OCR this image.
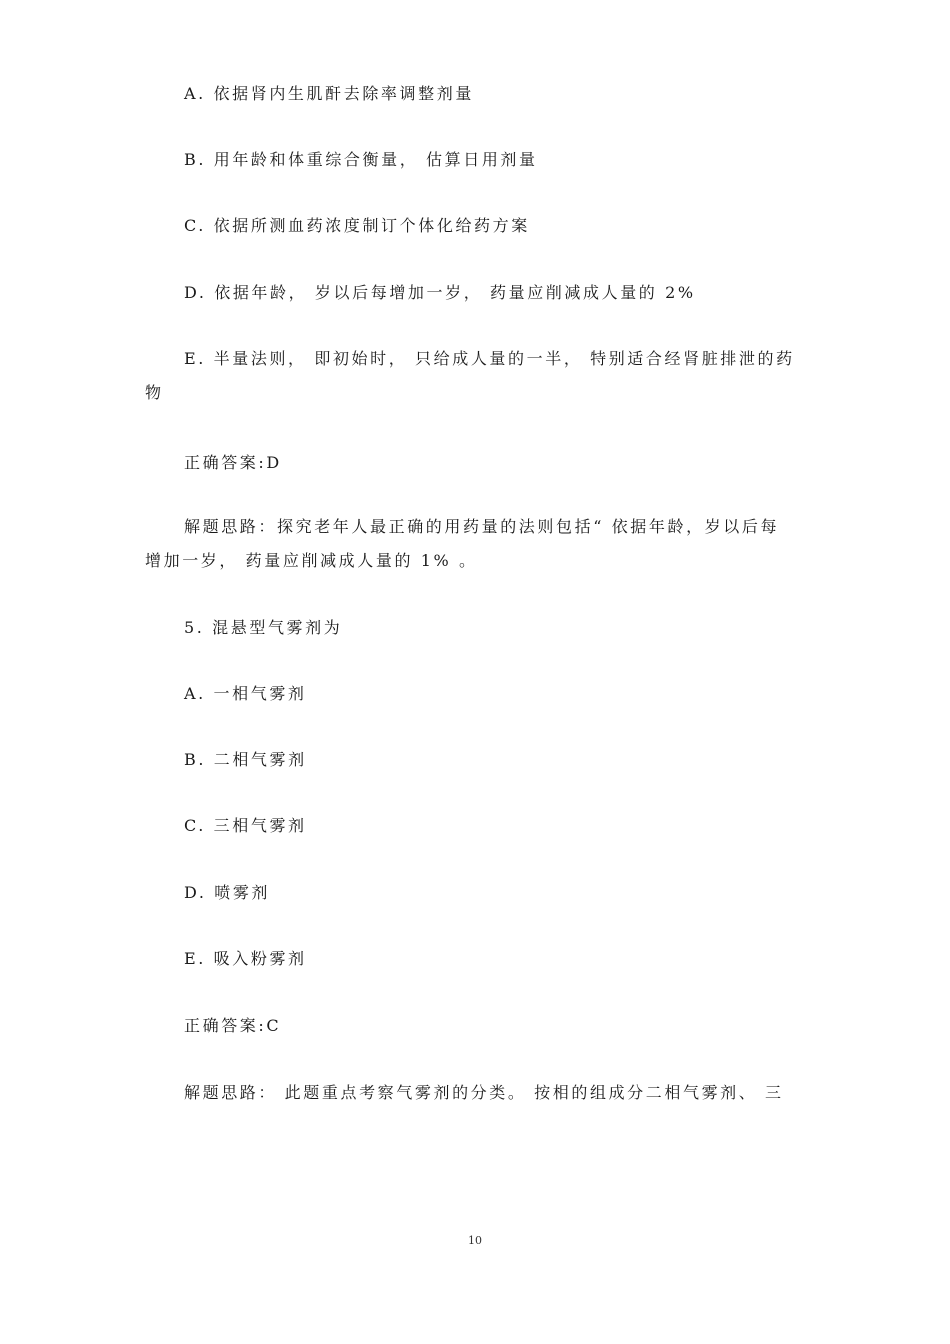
A. 依据肾内生肌酐去除率调整剂量
B. 用年龄和体重综合衡量， 估算日用剂量
C. 依据所测血药浓度制订个体化给药方案
D. 依据年龄， 岁以后每增加一岁， 药量应削减成人量的 2%
E. 半量法则， 即初始时， 只给成人量的一半， 特别适合经肾脏排泄的药
物
正确答案:D
解题思路：探究老年人最正确的用药量的法则包括“ 依据年龄，岁以后每
增加一岁， 药量应削减成人量的 1% 。
5. 混悬型气雾剂为
A. 一相气雾剂
B. 二相气雾剂
C. 三相气雾剂
D. 喷雾剂
E. 吸入粉雾剂
正确答案:C
解题思路： 此题重点考察气雾剂的分类。 按相的组成分二相气雾剂、 三
10
